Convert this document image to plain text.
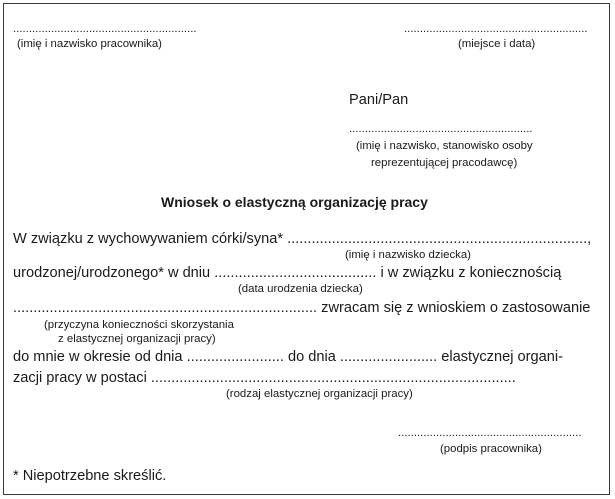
..........................................................
(imię i nazwisko pracownika)
..........................................................
(miejsce i data)
Pani/Pan
..........................................................
(imię i nazwisko, stanowisko osoby
reprezentującej pracodawcę)
Wniosek o elastyczną organizację pracy
W związku z wychowywaniem córki/syna* ..........................................................................,
(imię i nazwisko dziecka)
urodzonej/urodzonego* w dniu ........................................ i w związku z koniecznością
(data urodzenia dziecka)
........................................................................... zwracam się z wnioskiem o zastosowanie
(przyczyna konieczności skorzystania
z elastycznej organizacji pracy)
do mnie w okresie od dnia ........................ do dnia ........................ elastycznej organi-
zacji pracy w postaci ..........................................................................................
(rodzaj elastycznej organizacji pracy)
..........................................................
(podpis pracownika)
* Niepotrzebne skreślić.
